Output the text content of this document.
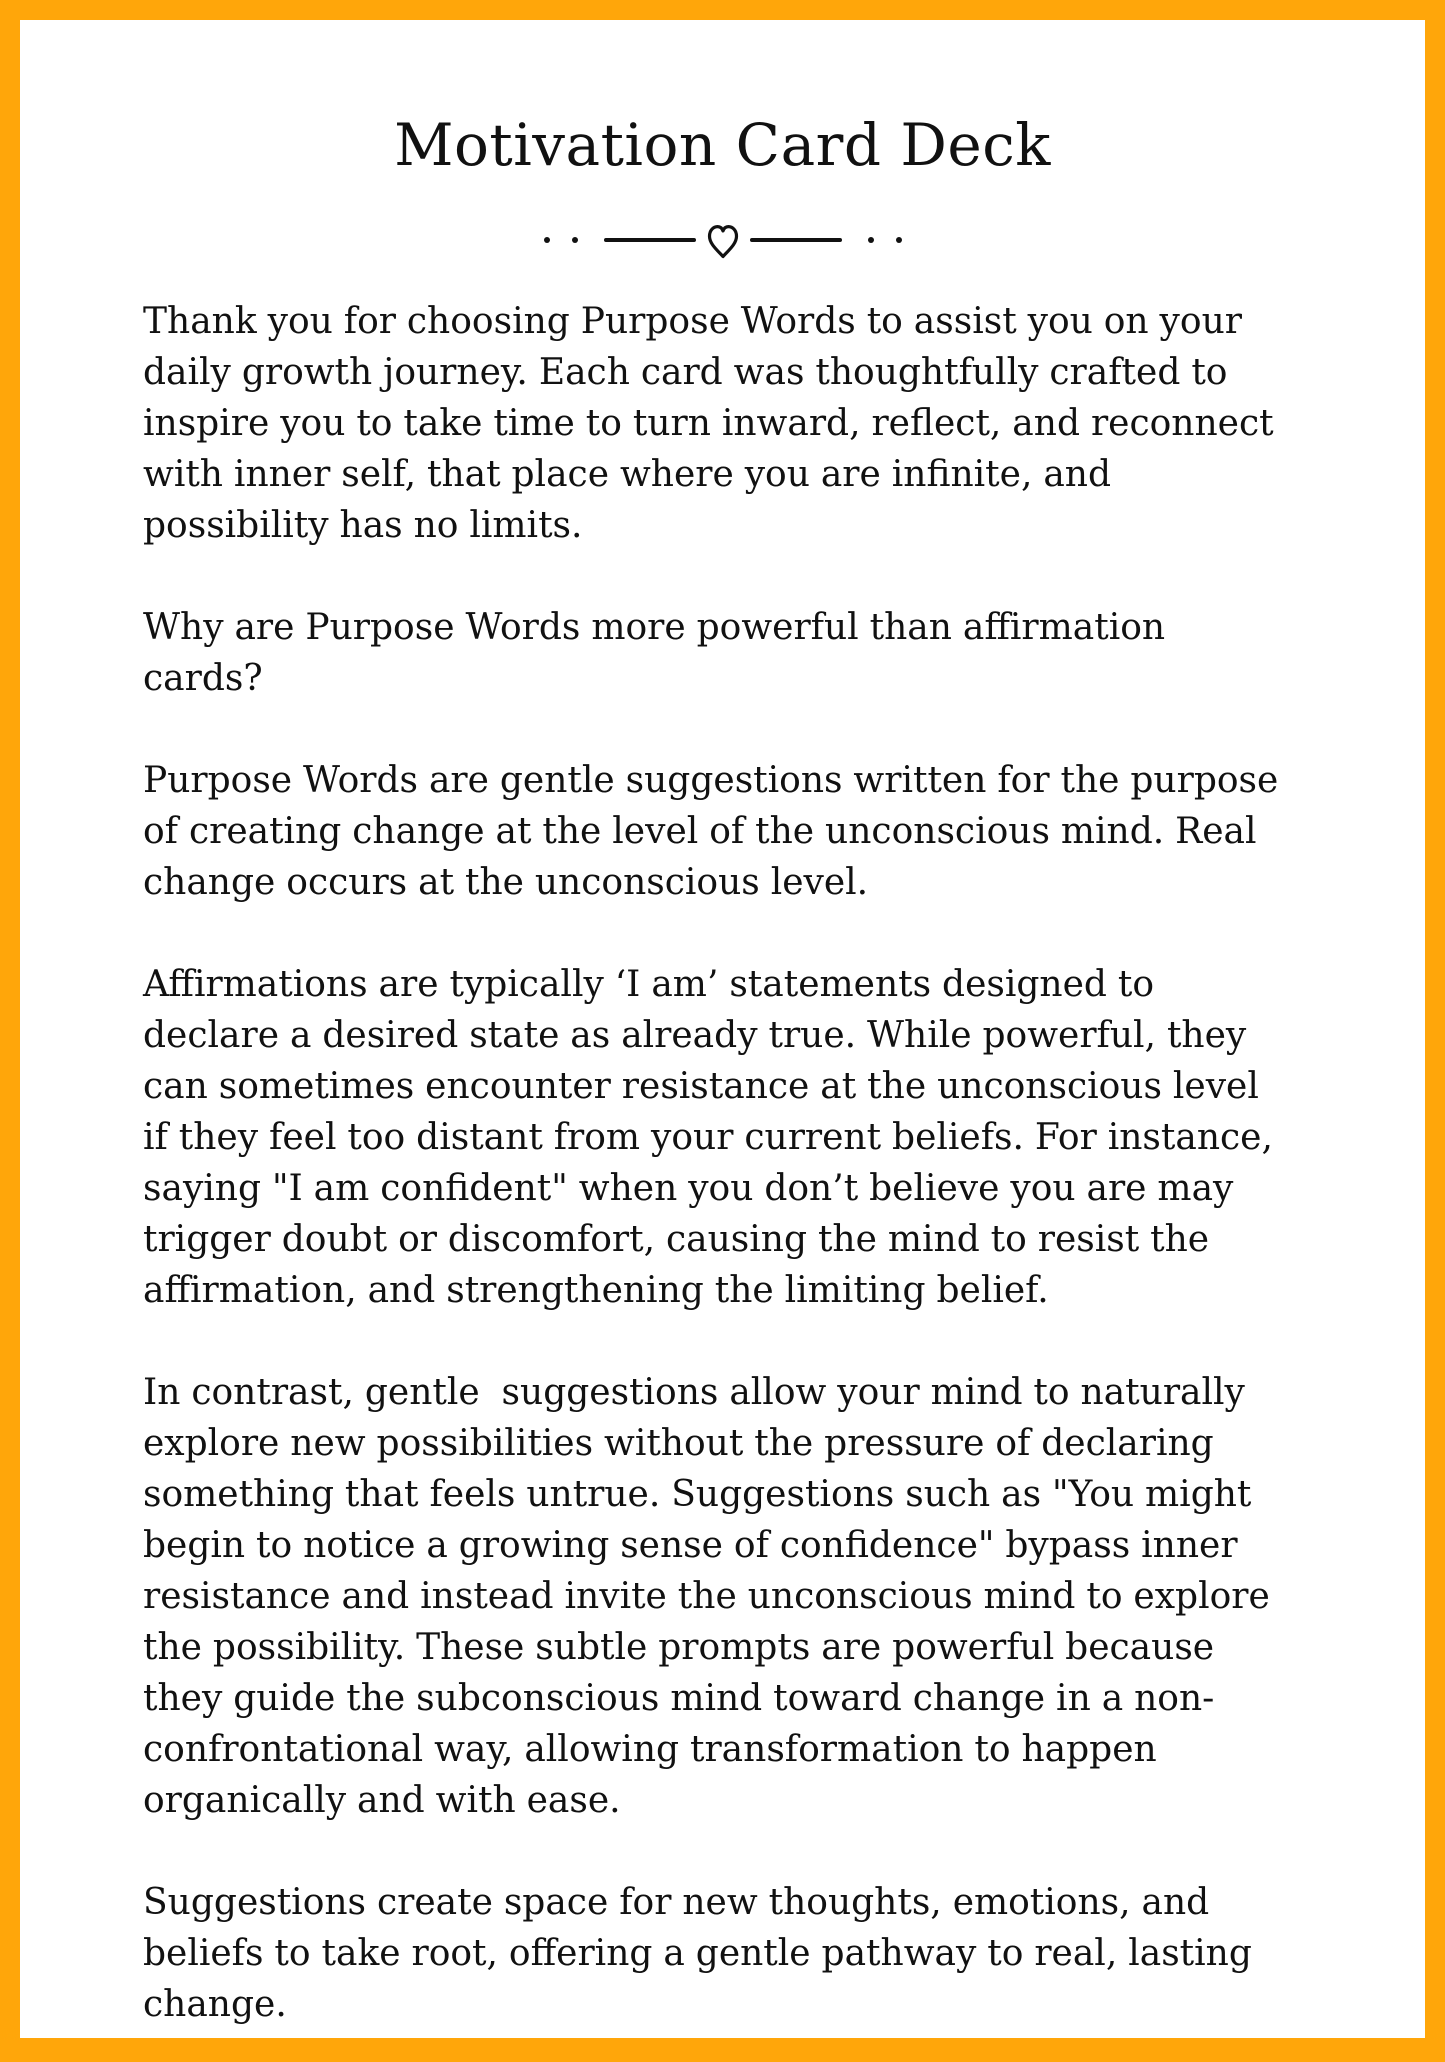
Motivation Card Deck

Thank you for choosing Purpose Words to assist you on your daily growth journey. Each card was thoughtfully crafted to inspire you to take time to turn inward, reflect, and reconnect with inner self, that place where you are infinite, and possibility has no limits.

Why are Purpose Words more powerful than affirmation cards?

Purpose Words are gentle suggestions written for the purpose of creating change at the level of the unconscious mind. Real change occurs at the unconscious level.

Affirmations are typically ‘I am’ statements designed to declare a desired state as already true. While powerful, they can sometimes encounter resistance at the unconscious level if they feel too distant from your current beliefs. For instance, saying "I am confident" when you don’t believe you are may trigger doubt or discomfort, causing the mind to resist the affirmation, and strengthening the limiting belief.

In contrast, gentle  suggestions allow your mind to naturally explore new possibilities without the pressure of declaring something that feels untrue. Suggestions such as "You might begin to notice a growing sense of confidence" bypass inner resistance and instead invite the unconscious mind to explore the possibility. These subtle prompts are powerful because they guide the subconscious mind toward change in a non-confrontational way, allowing transformation to happen organically and with ease.

Suggestions create space for new thoughts, emotions, and beliefs to take root, offering a gentle pathway to real, lasting change.
